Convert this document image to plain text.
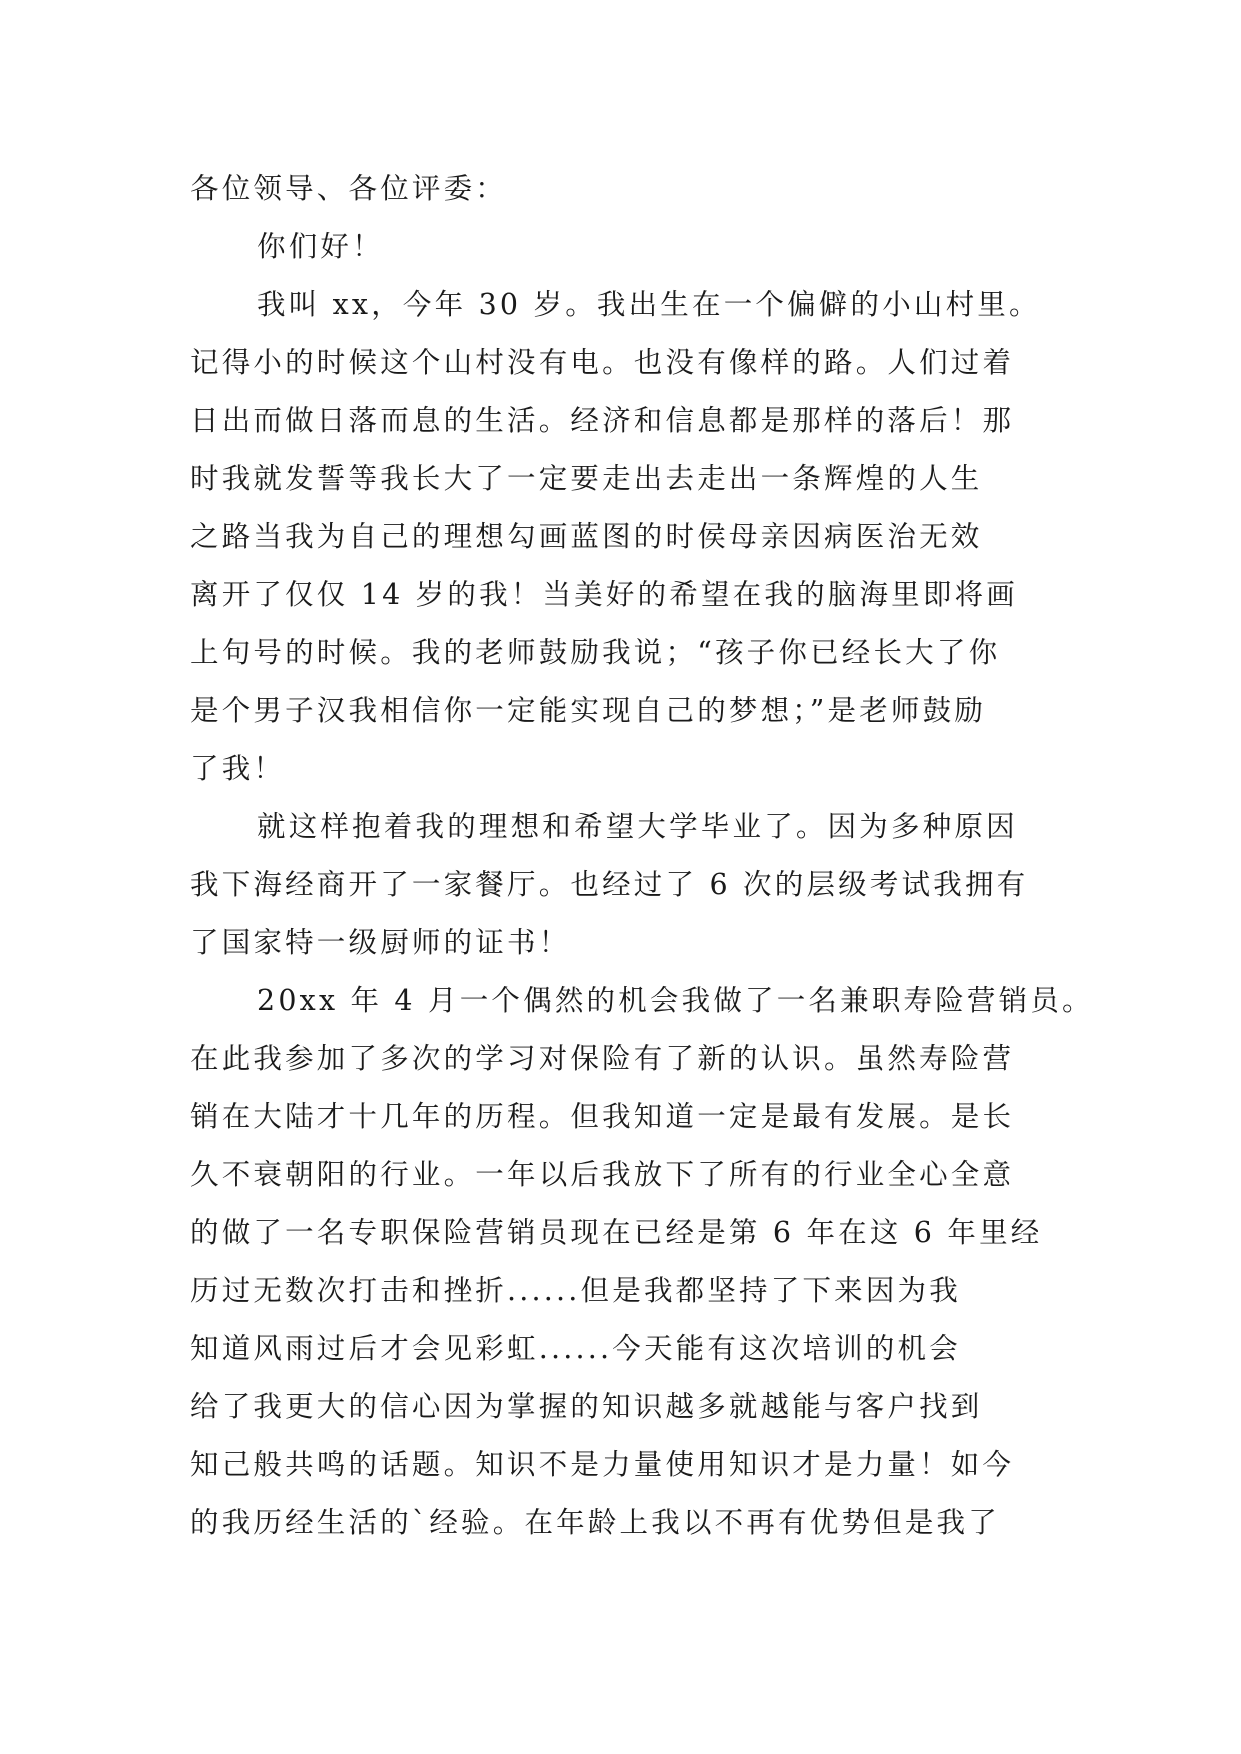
各位领导、各位评委：
你们好！
我叫 xx，今年 30 岁。我出生在一个偏僻的小山村里。
记得小的时候这个山村没有电。也没有像样的路。人们过着
日出而做日落而息的生活。经济和信息都是那样的落后！那
时我就发誓等我长大了一定要走出去走出一条辉煌的人生
之路当我为自己的理想勾画蓝图的时侯母亲因病医治无效
离开了仅仅 14 岁的我！当美好的希望在我的脑海里即将画
上句号的时候。我的老师鼓励我说；“孩子你已经长大了你
是个男子汉我相信你一定能实现自己的梦想；”是老师鼓励
了我！
就这样抱着我的理想和希望大学毕业了。因为多种原因
我下海经商开了一家餐厅。也经过了 6 次的层级考试我拥有
了国家特一级厨师的证书！
20xx 年 4 月一个偶然的机会我做了一名兼职寿险营销员。
在此我参加了多次的学习对保险有了新的认识。虽然寿险营
销在大陆才十几年的历程。但我知道一定是最有发展。是长
久不衰朝阳的行业。一年以后我放下了所有的行业全心全意
的做了一名专职保险营销员现在已经是第 6 年在这 6 年里经
历过无数次打击和挫折......但是我都坚持了下来因为我
知道风雨过后才会见彩虹......今天能有这次培训的机会
给了我更大的信心因为掌握的知识越多就越能与客户找到
知己般共鸣的话题。知识不是力量使用知识才是力量！如今
的我历经生活的`经验。在年龄上我以不再有优势但是我了
